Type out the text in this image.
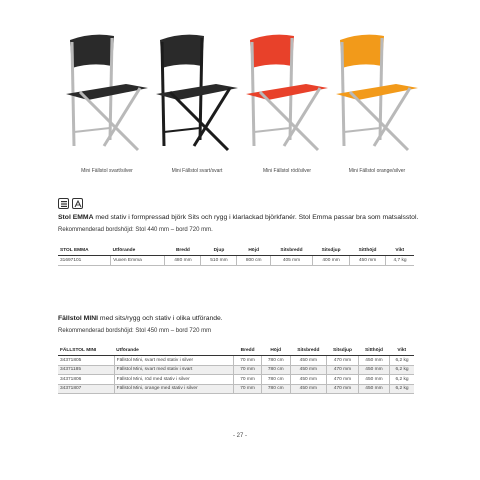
Stol EMMA med stativ i formpressad björk Sits och rygg i klarlackad björkfanér. Stol Emma passar bra som matsalsstol.
Rekommenderad bordshöjd: Stol 440 mm – bord 720 mm.
STOL EMMA	Utförande	Bredd	Djup	Höjd	Sitsbredd	Sitsdjup	Sitthöjd	Vikt
31697101	Vuxen Emma	480 mm	510 mm	800 cm	405 mm	400 mm	450 mm	4,7 kg
Fällstol MINI med sits/rygg och stativ i olika utförande.
Rekommenderad bordshöjd: Stol 450 mm – bord 720 mm
FÄLLSTOL MINI	Utförande	Bredd	Höjd	Sitsbredd	Sitsdjup	Sitthöjd	Vikt
34371805	Fällstol Mini, svart med stativ i silver	70 mm	780 cm	450 mm	470 mm	450 mm	6,2 kg
34371185	Fällstol Mini, svart med stativ i svart	70 mm	780 cm	450 mm	470 mm	450 mm	6,2 kg
34371806	Fällstol Mini, röd med stativ i silver	70 mm	780 cm	450 mm	470 mm	450 mm	6,2 kg
34371807	Fällstol Mini, orange med stativ i silver	70 mm	780 cm	450 mm	470 mm	450 mm	6,2 kg
- 27 -
Mini Fällstol svart/silver	Mini Fällstol svart/svart	Mini Fällstol röd/silver	Mini Fällstol orange/silver
